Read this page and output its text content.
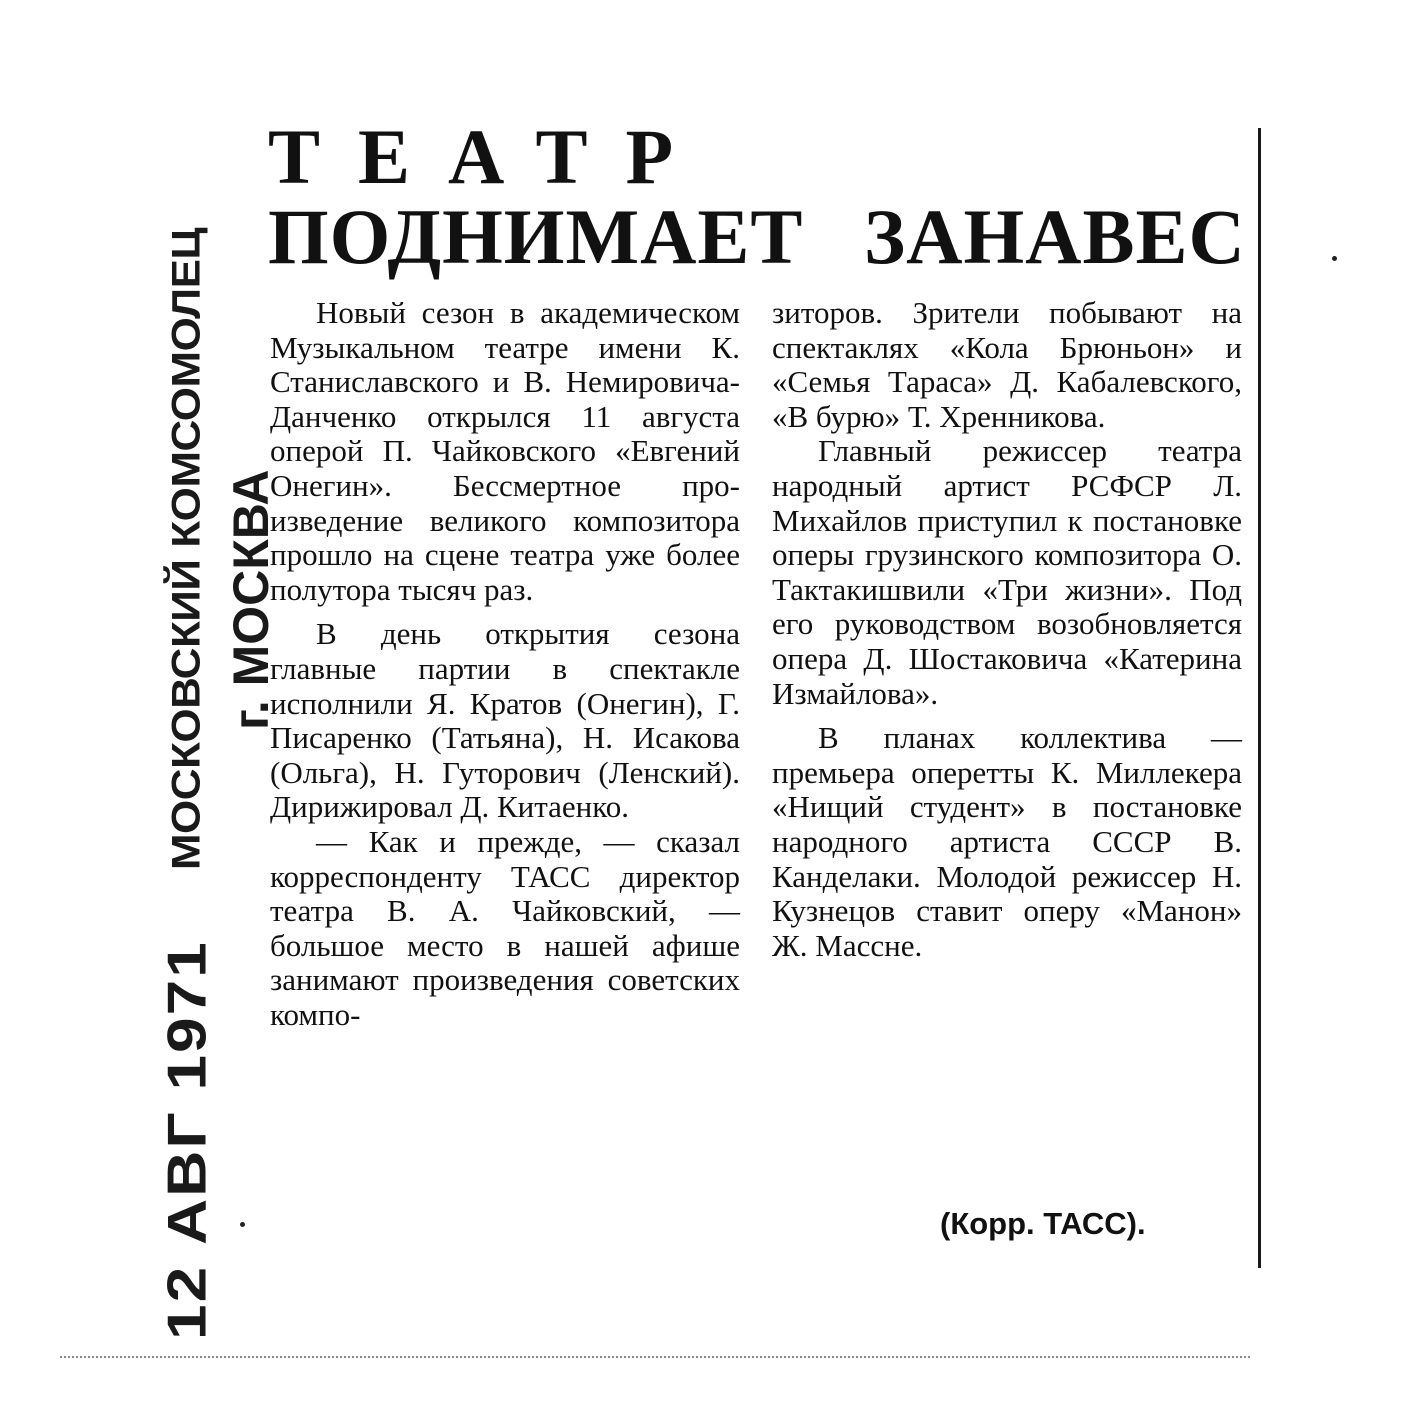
12 АВГ 1971МОСКОВСКИЙ КОМСОМОЛЕЦ г. МОСКВА
ТЕАТР
ПОДНИМАЕТ ЗАНАВЕС

Новый сезон в академическом Музыкальном театре имени К. Станиславского и В. Немировича-Данченко открылся 11 августа оперой П. Чайковского «Евгений Онегин». Бессмертное произведение великого композитора прошло на сцене театра уже более полутора тысяч раз.

В день открытия сезона главные партии в спектакле исполнили Я. Кратов (Онегин), Г. Писаренко (Татьяна), Н. Исакова (Ольга), Н. Гуторович (Ленский). Дирижировал Д. Китаенко.

— Как и прежде, — сказал корреспонденту ТАСС директор театра В. А. Чайковский, — большое место в нашей афише занимают произведения советских компо-

зиторов. Зрители побывают на спектаклях «Кола Брюньон» и «Семья Тараса» Д. Кабалевского, «В бурю» Т. Хренникова.

Главный режиссер театра народный артист РСФСР Л. Михайлов приступил к постановке оперы грузинского композитора О. Тактакишвили «Три жизни». Под его руководством возобновляется опера Д. Шостаковича «Катерина Измайлова».

В планах коллектива — премьера оперетты К. Миллекера «Нищий студент» в постановке народного артиста СССР В. Канделаки. Молодой режиссер Н. Кузнецов ставит оперу «Манон» Ж. Массне.

(Корр. ТАСС).
